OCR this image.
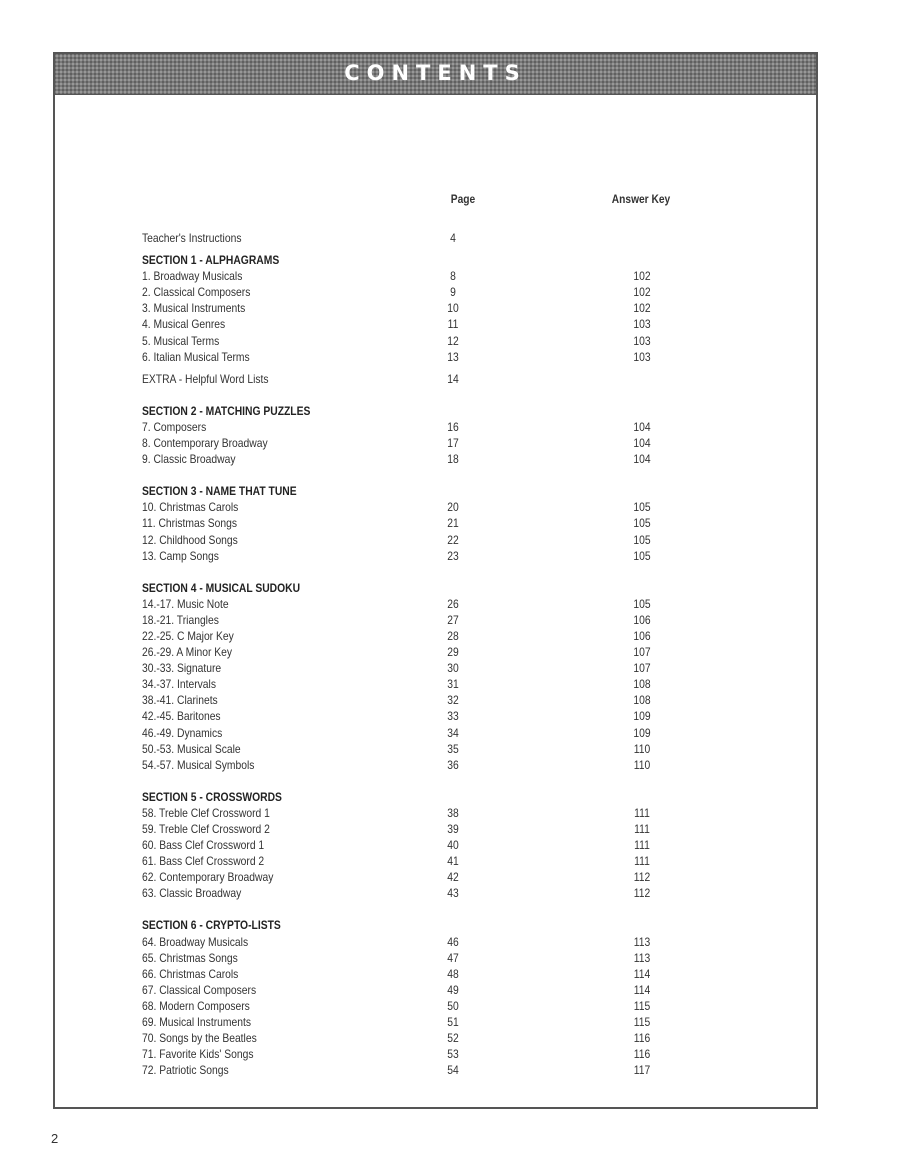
CONTENTS
Page	Answer Key
Teacher's Instructions	4
SECTION 1 - ALPHAGRAMS
1. Broadway Musicals	8	102
2. Classical Composers	9	102
3. Musical Instruments	10	102
4. Musical Genres	11	103
5. Musical Terms	12	103
6. Italian Musical Terms	13	103
EXTRA - Helpful Word Lists	14
SECTION 2 - MATCHING PUZZLES
7. Composers	16	104
8. Contemporary Broadway	17	104
9. Classic Broadway	18	104
SECTION 3 - NAME THAT TUNE
10. Christmas Carols	20	105
11. Christmas Songs	21	105
12. Childhood Songs	22	105
13. Camp Songs	23	105
SECTION 4 - MUSICAL SUDOKU
14.-17. Music Note	26	105
18.-21. Triangles	27	106
22.-25. C Major Key	28	106
26.-29. A Minor Key	29	107
30.-33. Signature	30	107
34.-37. Intervals	31	108
38.-41. Clarinets	32	108
42.-45. Baritones	33	109
46.-49. Dynamics	34	109
50.-53. Musical Scale	35	110
54.-57. Musical Symbols	36	110
SECTION 5 - CROSSWORDS
58. Treble Clef Crossword 1	38	111
59. Treble Clef Crossword 2	39	111
60. Bass Clef Crossword 1	40	111
61. Bass Clef Crossword 2	41	111
62. Contemporary Broadway	42	112
63. Classic Broadway	43	112
SECTION 6 - CRYPTO-LISTS
64. Broadway Musicals	46	113
65. Christmas Songs	47	113
66. Christmas Carols	48	114
67. Classical Composers	49	114
68. Modern Composers	50	115
69. Musical Instruments	51	115
70. Songs by the Beatles	52	116
71. Favorite Kids' Songs	53	116
72. Patriotic Songs	54	117
2
